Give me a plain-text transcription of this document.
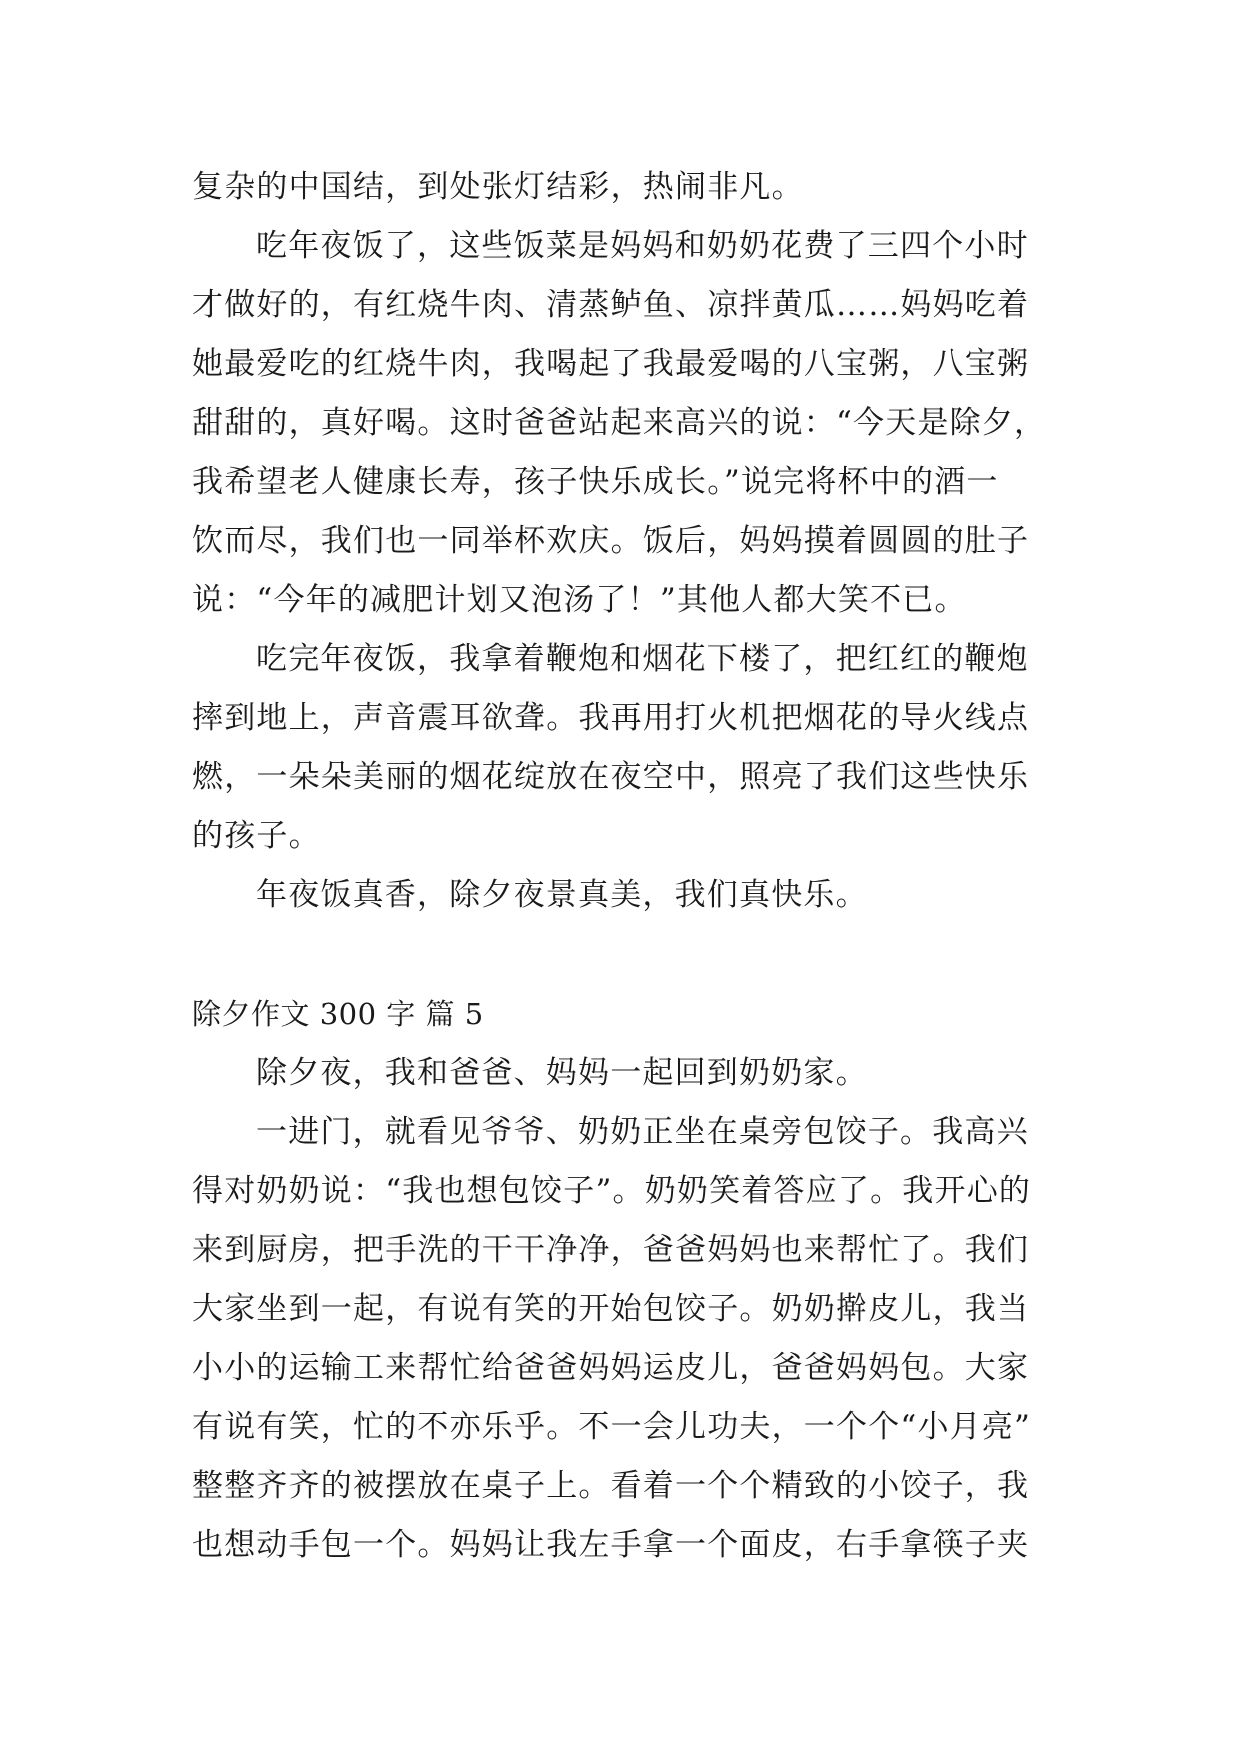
复杂的中国结，到处张灯结彩，热闹非凡。
吃年夜饭了，这些饭菜是妈妈和奶奶花费了三四个小时
才做好的，有红烧牛肉、清蒸鲈鱼、凉拌黄瓜……妈妈吃着
她最爱吃的红烧牛肉，我喝起了我最爱喝的八宝粥，八宝粥
甜甜的，真好喝。这时爸爸站起来高兴的说：“今天是除夕，
我希望老人健康长寿，孩子快乐成长。”说完将杯中的酒一
饮而尽，我们也一同举杯欢庆。饭后，妈妈摸着圆圆的肚子
说：“今年的减肥计划又泡汤了！”其他人都大笑不已。
吃完年夜饭，我拿着鞭炮和烟花下楼了，把红红的鞭炮
摔到地上，声音震耳欲聋。我再用打火机把烟花的导火线点
燃，一朵朵美丽的烟花绽放在夜空中，照亮了我们这些快乐
的孩子。
年夜饭真香，除夕夜景真美，我们真快乐。
除夕作文 300 字 篇 5
除夕夜，我和爸爸、妈妈一起回到奶奶家。
一进门，就看见爷爷、奶奶正坐在桌旁包饺子。我高兴
得对奶奶说：“我也想包饺子”。奶奶笑着答应了。我开心的
来到厨房，把手洗的干干净净，爸爸妈妈也来帮忙了。我们
大家坐到一起，有说有笑的开始包饺子。奶奶擀皮儿，我当
小小的运输工来帮忙给爸爸妈妈运皮儿，爸爸妈妈包。大家
有说有笑，忙的不亦乐乎。不一会儿功夫，一个个“小月亮”
整整齐齐的被摆放在桌子上。看着一个个精致的小饺子，我
也想动手包一个。妈妈让我左手拿一个面皮，右手拿筷子夹
